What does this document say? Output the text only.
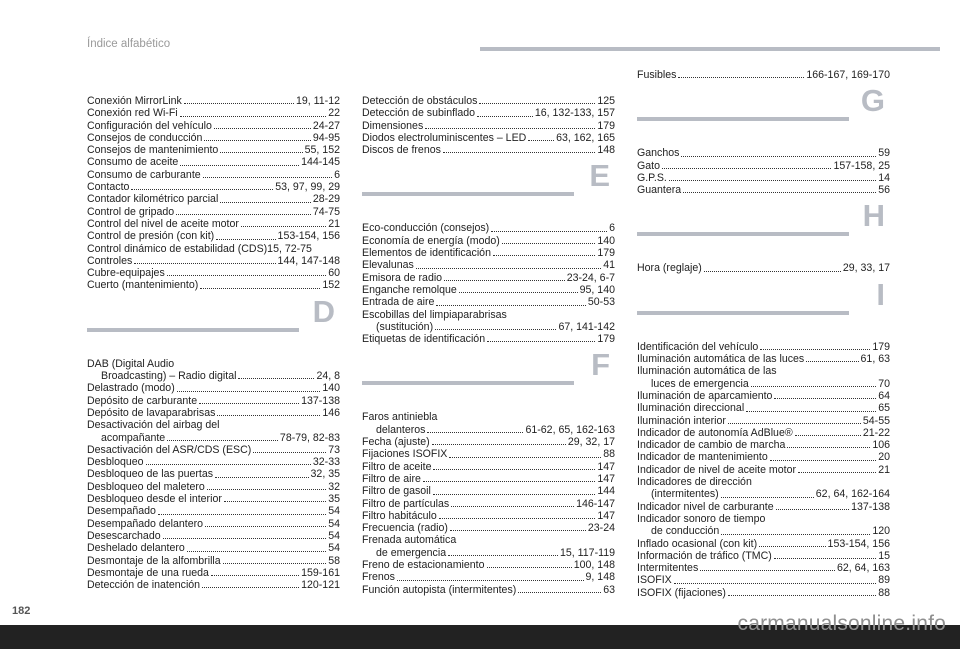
Índice alfabético
Conexión MirrorLink	19, 11-12
Conexión red Wi-Fi	22
Configuración del vehículo	24-27
Consejos de conducción	94-95
Consejos de mantenimiento	55, 152
Consumo de aceite	144-145
Consumo de carburante	6
Contacto	53, 97, 99, 29
Contador kilométrico parcial	28-29
Control de gripado	74-75
Control del nivel de aceite motor	21
Control de presión (con kit)	153-154, 156
Control dinámico de estabilidad (CDS)15, 72-75
Controles	144, 147-148
Cubre-equipajes	60
Cuerto (mantenimiento)	152
D
DAB (Digital Audio
Broadcasting) – Radio digital	24, 8
Delastrado (modo)	140
Depósito de carburante	137-138
Depósito de lavaparabrisas	146
Desactivación del airbag del
acompañante	78-79, 82-83
Desactivación del ASR/CDS (ESC)	73
Desbloqueo	32-33
Desbloqueo de las puertas	32, 35
Desbloqueo del maletero	32
Desbloqueo desde el interior	35
Desempañado	54
Desempañado delantero	54
Desescarchado	54
Deshelado delantero	54
Desmontaje de la alfombrilla	58
Desmontaje de una rueda	159-161
Detección de inatención	120-121
Detección de obstáculos	125
Detección de subinflado	16, 132-133, 157
Dimensiones	179
Diodos electroluminiscentes – LED	63, 162, 165
Discos de frenos	148
E
Eco-conducción (consejos)	6
Economía de energía (modo)	140
Elementos de identificación	179
Elevalunas	41
Emisora de radio	23-24, 6-7
Enganche remolque	95, 140
Entrada de aire	50-53
Escobillas del limpiaparabrisas
(sustitución)	67, 141-142
Etiquetas de identificación	179
F
Faros antiniebla
delanteros	61-62, 65, 162-163
Fecha (ajuste)	29, 32, 17
Fijaciones ISOFIX	88
Filtro de aceite	147
Filtro de aire	147
Filtro de gasoil	144
Filtro de partículas	146-147
Filtro habitáculo	147
Frecuencia (radio)	23-24
Frenada automática
de emergencia	15, 117-119
Freno de estacionamiento	100, 148
Frenos	9, 148
Función autopista (intermitentes)	63
Fusibles	166-167, 169-170
G
Ganchos	59
Gato	157-158, 25
G.P.S.	14
Guantera	56
H
Hora (reglaje)	29, 33, 17
I
Identificación del vehículo	179
Iluminación automática de las luces	61, 63
Iluminación automática de las
luces de emergencia	70
Iluminación de aparcamiento	64
Iluminación direccional	65
Iluminación interior	54-55
Indicador de autonomía AdBlue®	21-22
Indicador de cambio de marcha	106
Indicador de mantenimiento	20
Indicador de nivel de aceite motor	21
Indicadores de dirección
(intermitentes)	62, 64, 162-164
Indicador nivel de carburante	137-138
Indicador sonoro de tiempo
de conducción	120
Inflado ocasional (con kit)	153-154, 156
Información de tráfico (TMC)	15
Intermitentes	62, 64, 163
ISOFIX	89
ISOFIX (fijaciones)	88
182
carmanualsonline.info
